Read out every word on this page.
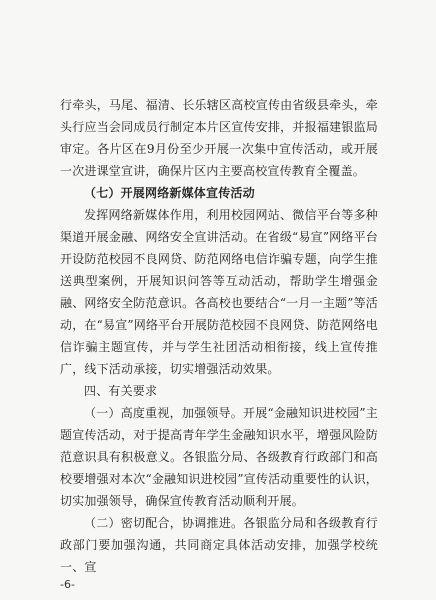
行牵头，马尾、福清、长乐辖区高校宣传由省级县牵头，牵头行应当会同成员行制定本片区宣传安排，并报福建银监局审定。各片区在9月份至少开展一次集中宣传活动，或开展一次进课堂宣讲，确保片区内主要高校宣传教育全覆盖。

（七）开展网络新媒体宣传活动

发挥网络新媒体作用，利用校园网站、微信平台等多种渠道开展金融、网络安全宣讲活动。在省级“易宣”网络平台开设防范校园不良网贷、防范网络电信诈骗专题，向学生推送典型案例，开展知识问答等互动活动，帮助学生增强金融、网络安全防范意识。各高校也要结合“一月一主题”等活动，在“易宣”网络平台开展防范校园不良网贷、防范网络电信诈骗主题宣传，并与学生社团活动相衔接，线上宣传推广，线下活动承接，切实增强活动效果。

四、有关要求

（一）高度重视，加强领导。开展“金融知识进校园”主题宣传活动，对于提高青年学生金融知识水平，增强风险防范意识具有积极意义。各银监分局、各级教育行政部门和高校要增强对本次“金融知识进校园”宣传活动重要性的认识，切实加强领导，确保宣传教育活动顺利开展。

（二）密切配合，协调推进。各银监分局和各级教育行政部门要加强沟通，共同商定具体活动安排，加强学校统一、宣

-6-
